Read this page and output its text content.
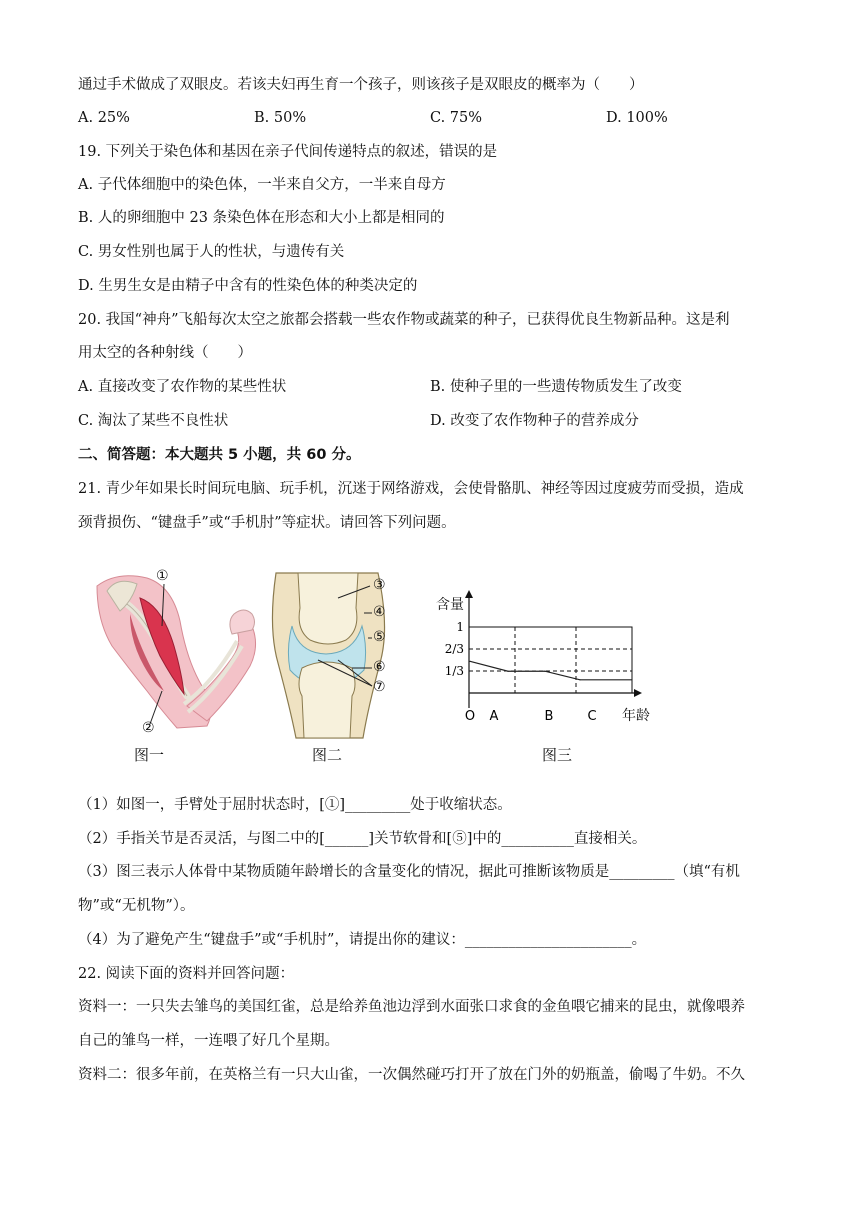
通过手术做成了双眼皮。若该夫妇再生育一个孩子，则该孩子是双眼皮的概率为（　　）
A. 25%	B. 50%	C. 75%	D. 100%
19. 下列关于染色体和基因在亲子代间传递特点的叙述，错误的是
A. 子代体细胞中的染色体，一半来自父方，一半来自母方
B. 人的卵细胞中 23 条染色体在形态和大小上都是相同的
C. 男女性别也属于人的性状，与遗传有关
D. 生男生女是由精子中含有的性染色体的种类决定的
20. 我国“神舟”飞船每次太空之旅都会搭载一些农作物或蔬菜的种子，已获得优良生物新品种。这是利
用太空的各种射线（　　）
A. 直接改变了农作物的某些性状	B. 使种子里的一些遗传物质发生了改变
C. 淘汰了某些不良性状	D. 改变了农作物种子的营养成分
二、简答题：本大题共 5 小题，共 60 分。
21. 青少年如果长时间玩电脑、玩手机，沉迷于网络游戏，会使骨骼肌、神经等因过度疲劳而受损，造成
颈背损伤、“键盘手”或“手机肘”等症状。请回答下列问题。
①
②
图一
③
④
⑤
⑥
⑦
图二
1
2/3
1/3
O A	B	C
含量
年龄
图三
（1）如图一，手臂处于屈肘状态时，[①]_________处于收缩状态。
（2）手指关节是否灵活，与图二中的[______]关节软骨和[⑤]中的__________直接相关。
（3）图三表示人体骨中某物质随年龄增长的含量变化的情况，据此可推断该物质是_________（填“有机
物”或“无机物”）。
（4）为了避免产生“键盘手”或“手机肘”，请提出你的建议：_______________________。
22. 阅读下面的资料并回答问题：
资料一：一只失去雏鸟的美国红雀，总是给养鱼池边浮到水面张口求食的金鱼喂它捕来的昆虫，就像喂养
自己的雏鸟一样，一连喂了好几个星期。
资料二：很多年前，在英格兰有一只大山雀，一次偶然碰巧打开了放在门外的奶瓶盖，偷喝了牛奶。不久
